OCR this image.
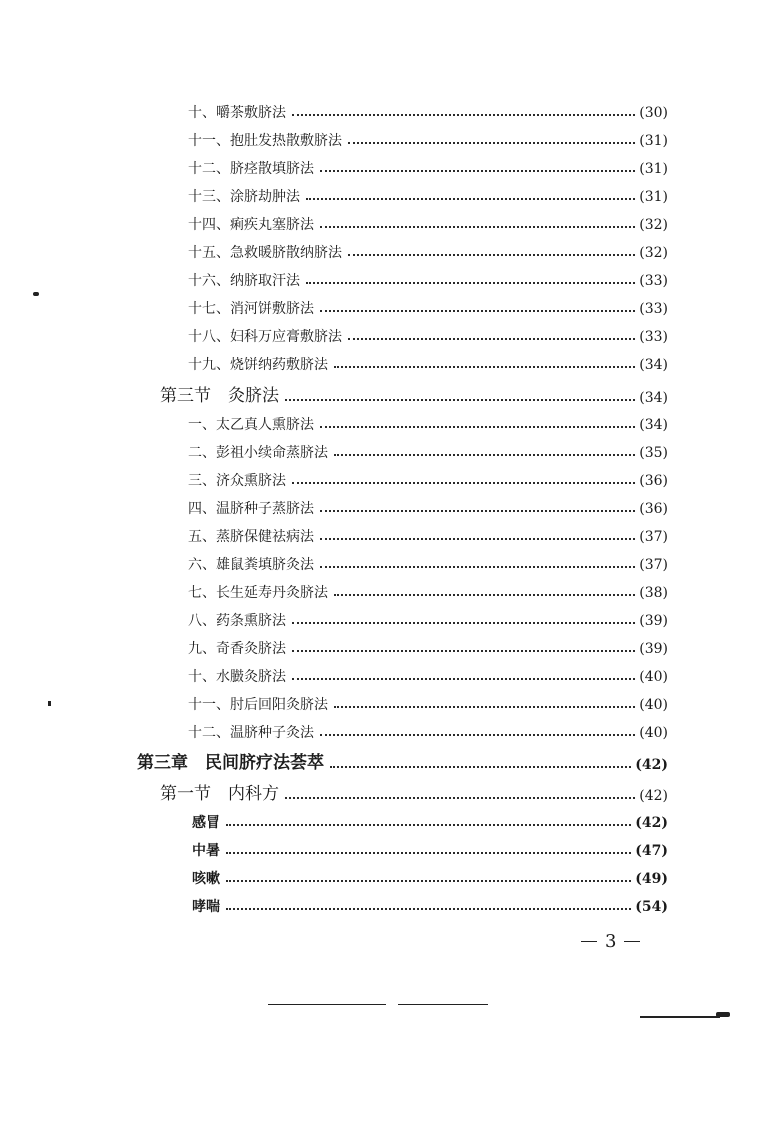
十、嚼茶敷脐法	(30)
十一、抱肚发热散敷脐法	(31)
十二、脐痉散填脐法	(31)
十三、涂脐劫肿法	(31)
十四、痢疾丸塞脐法	(32)
十五、急救暖脐散纳脐法	(32)
十六、纳脐取汗法	(33)
十七、消河饼敷脐法	(33)
十八、妇科万应膏敷脐法	(33)
十九、烧饼纳药敷脐法	(34)
第三节　灸脐法	(34)
一、太乙真人熏脐法	(34)
二、彭祖小续命蒸脐法	(35)
三、济众熏脐法	(36)
四、温脐种子蒸脐法	(36)
五、蒸脐保健祛病法	(37)
六、雄鼠粪填脐灸法	(37)
七、长生延寿丹灸脐法	(38)
八、药条熏脐法	(39)
九、奇香灸脐法	(39)
十、水臌灸脐法	(40)
十一、肘后回阳灸脐法	(40)
十二、温脐种子灸法	(40)
第三章　民间脐疗法荟萃	(42)
第一节　内科方	(42)
感冒	(42)
中暑	(47)
咳嗽	(49)
哮喘	(54)
3
